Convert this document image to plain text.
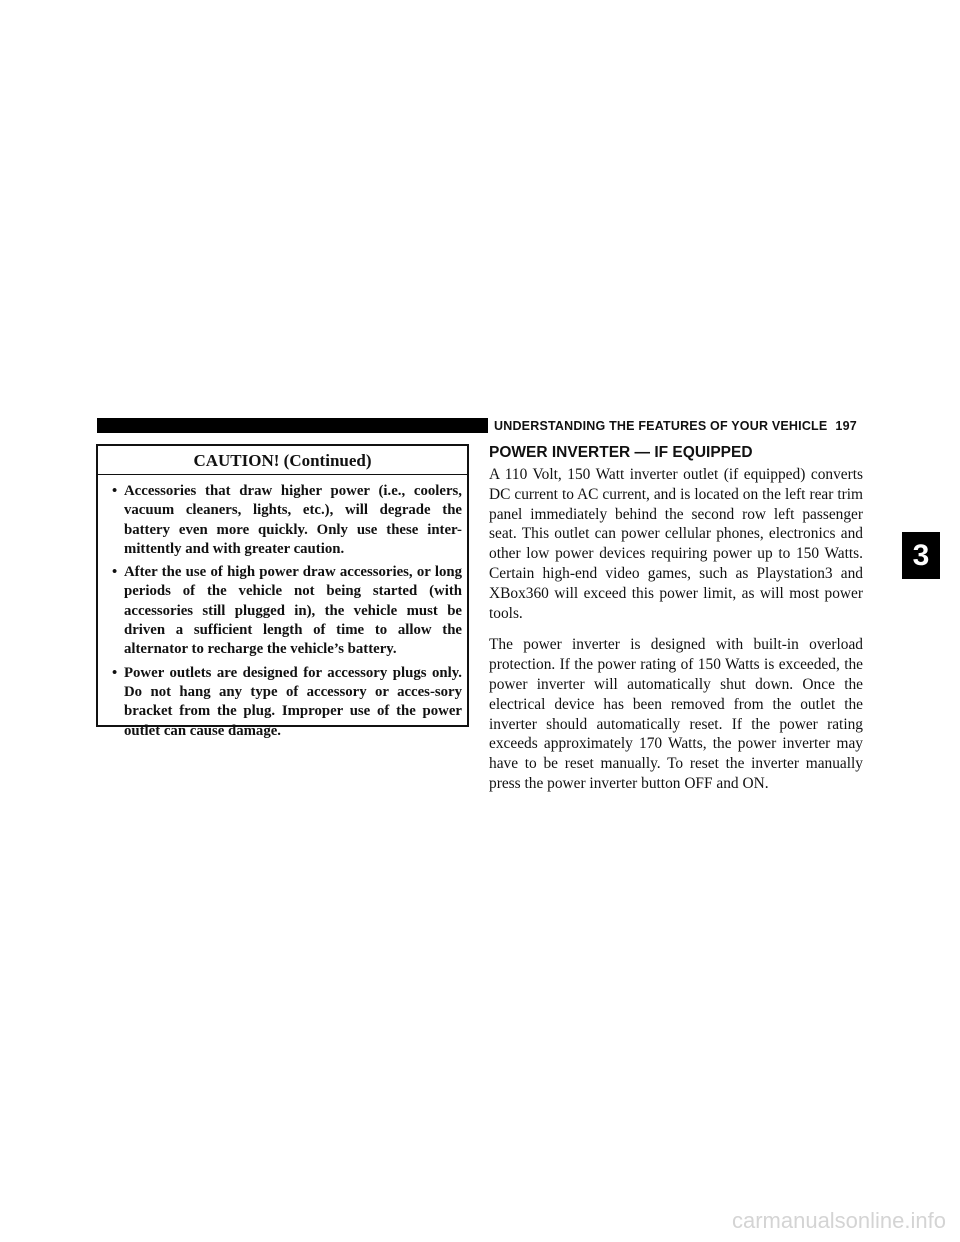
UNDERSTANDING THE FEATURES OF YOUR VEHICLE 197
CAUTION! (Continued)
• Accessories that draw higher power (i.e., coolers, vacuum cleaners, lights, etc.), will degrade the battery even more quickly. Only use these inter-mittently and with greater caution.
• After the use of high power draw accessories, or long periods of the vehicle not being started (with accessories still plugged in), the vehicle must be driven a sufficient length of time to allow the alternator to recharge the vehicle’s battery.
• Power outlets are designed for accessory plugs only. Do not hang any type of accessory or acces-sory bracket from the plug. Improper use of the power outlet can cause damage.
POWER INVERTER — IF EQUIPPED

A 110 Volt, 150 Watt inverter outlet (if equipped) converts DC current to AC current, and is located on the left rear trim panel immediately behind the second row left passenger seat. This outlet can power cellular phones, electronics and other low power devices requiring power up to 150 Watts. Certain high-end video games, such as Playstation3 and XBox360 will exceed this power limit, as will most power tools.

The power inverter is designed with built-in overload protection. If the power rating of 150 Watts is exceeded, the power inverter will automatically shut down. Once the electrical device has been removed from the outlet the inverter should automatically reset. If the power rating exceeds approximately 170 Watts, the power inverter may have to be reset manually. To reset the inverter manually press the power inverter button OFF and ON.

3
carmanualsonline.info
